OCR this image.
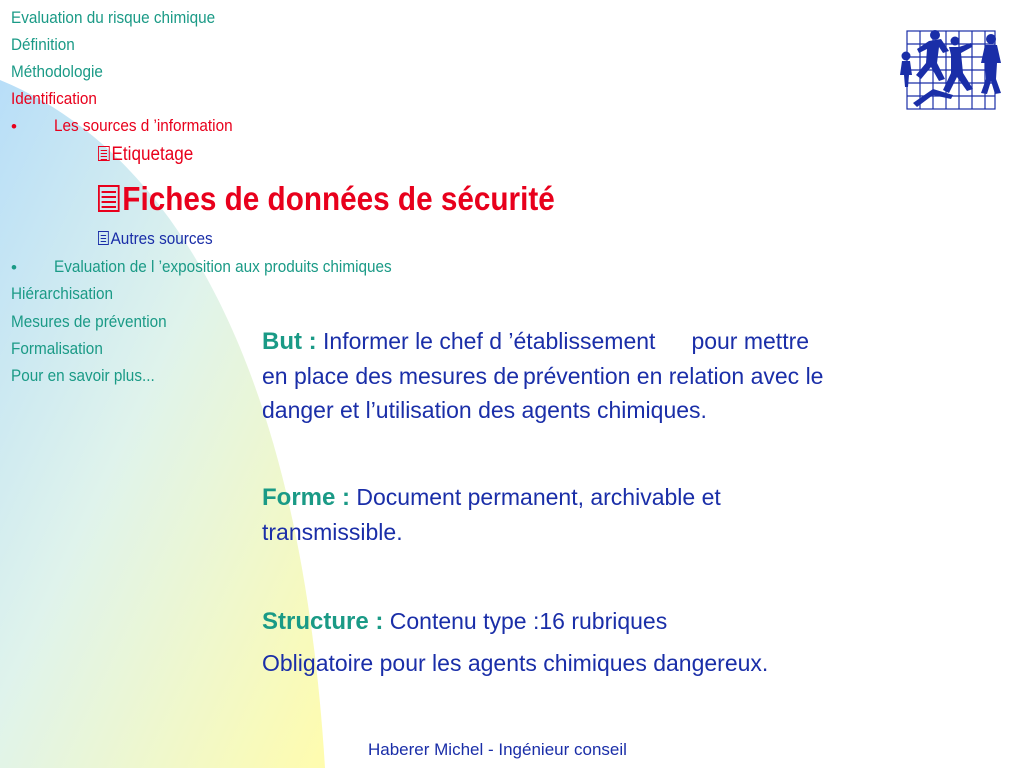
Evaluation du risque chimique
Définition
Méthodologie
Identification
• Les sources d ’information
Etiquetage
Fiches de données de sécurité
Autres sources
• Evaluation de l ’exposition aux produits chimiques
Hiérarchisation
Mesures de prévention
Formalisation
Pour en savoir plus...
But : Informer le chef d ’établissement pour mettre
en place des mesures de prévention en relation avec le
danger et l’utilisation des agents chimiques.
Forme : Document permanent, archivable et
transmissible.
Structure : Contenu type :16 rubriques
Obligatoire pour les agents chimiques dangereux.
Haberer Michel - Ingénieur conseil
